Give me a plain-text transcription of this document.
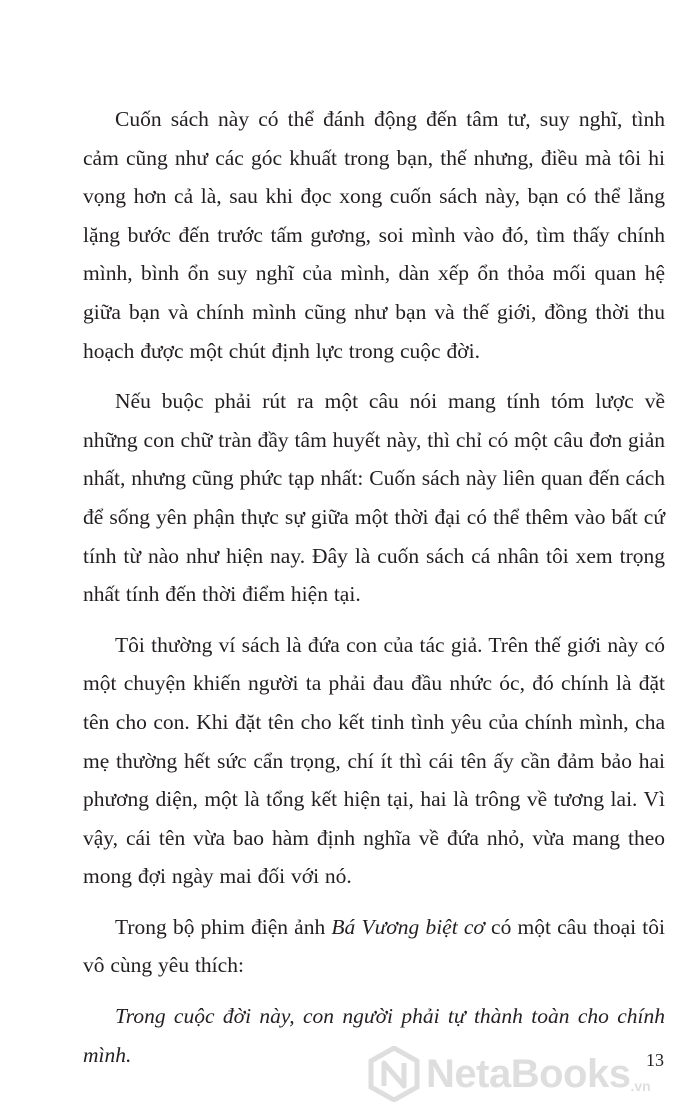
Cuốn sách này có thể đánh động đến tâm tư, suy nghĩ, tình cảm cũng như các góc khuất trong bạn, thế nhưng, điều mà tôi hi vọng hơn cả là, sau khi đọc xong cuốn sách này, bạn có thể lẳng lặng bước đến trước tấm gương, soi mình vào đó, tìm thấy chính mình, bình ổn suy nghĩ của mình, dàn xếp ổn thỏa mối quan hệ giữa bạn và chính mình cũng như bạn và thế giới, đồng thời thu hoạch được một chút định lực trong cuộc đời.

Nếu buộc phải rút ra một câu nói mang tính tóm lược về những con chữ tràn đầy tâm huyết này, thì chỉ có một câu đơn giản nhất, nhưng cũng phức tạp nhất: Cuốn sách này liên quan đến cách để sống yên phận thực sự giữa một thời đại có thể thêm vào bất cứ tính từ nào như hiện nay. Đây là cuốn sách cá nhân tôi xem trọng nhất tính đến thời điểm hiện tại.

Tôi thường ví sách là đứa con của tác giả. Trên thế giới này có một chuyện khiến người ta phải đau đầu nhức óc, đó chính là đặt tên cho con. Khi đặt tên cho kết tinh tình yêu của chính mình, cha mẹ thường hết sức cẩn trọng, chí ít thì cái tên ấy cần đảm bảo hai phương diện, một là tổng kết hiện tại, hai là trông về tương lai. Vì vậy, cái tên vừa bao hàm định nghĩa về đứa nhỏ, vừa mang theo mong đợi ngày mai đối với nó.

Trong bộ phim điện ảnh Bá Vương biệt cơ có một câu thoại tôi vô cùng yêu thích:

Trong cuộc đời này, con người phải tự thành toàn cho chính mình.	13
NetaBooks .vn
